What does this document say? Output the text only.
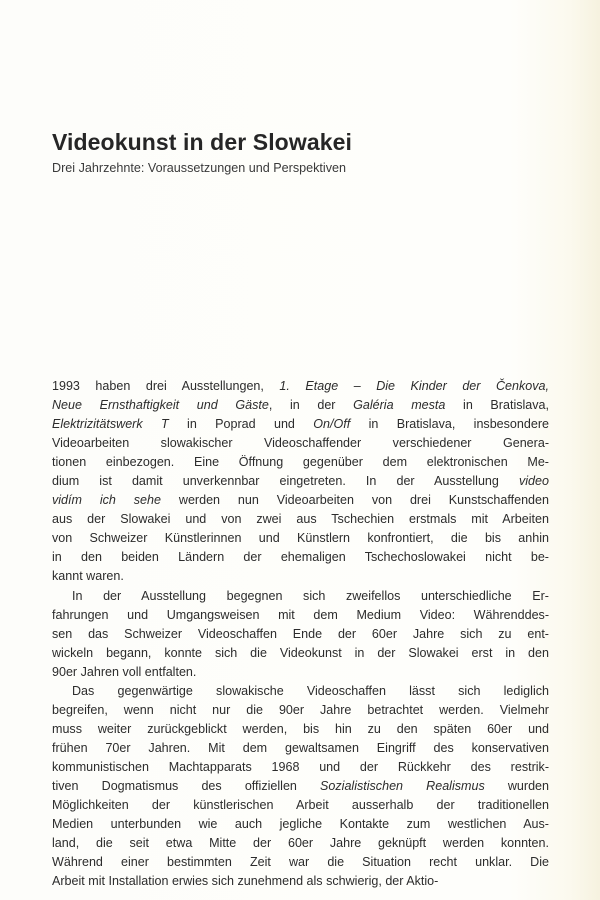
Videokunst in der Slowakei
Drei Jahrzehnte: Voraussetzungen und Perspektiven

1993 haben drei Ausstellungen, 1. Etage – Die Kinder der Čenkova,
Neue Ernsthaftigkeit und Gäste, in der Galéria mesta in Bratislava,
Elektrizitätswerk T in Poprad und On/Off in Bratislava, insbesondere
Videoarbeiten slowakischer Videoschaffender verschiedener Genera-
tionen einbezogen. Eine Öffnung gegenüber dem elektronischen Me-
dium ist damit unverkennbar eingetreten. In der Ausstellung video
vidím ich sehe werden nun Videoarbeiten von drei Kunstschaffenden
aus der Slowakei und von zwei aus Tschechien erstmals mit Arbeiten
von Schweizer Künstlerinnen und Künstlern konfrontiert, die bis anhin
in den beiden Ländern der ehemaligen Tschechoslowakei nicht be-
kannt waren.

In der Ausstellung begegnen sich zweifellos unterschiedliche Er-
fahrungen und Umgangsweisen mit dem Medium Video: Währenddes-
sen das Schweizer Videoschaffen Ende der 60er Jahre sich zu ent-
wickeln begann, konnte sich die Videokunst in der Slowakei erst in den
90er Jahren voll entfalten.

Das gegenwärtige slowakische Videoschaffen lässt sich lediglich
begreifen, wenn nicht nur die 90er Jahre betrachtet werden. Vielmehr
muss weiter zurückgeblickt werden, bis hin zu den späten 60er und
frühen 70er Jahren. Mit dem gewaltsamen Eingriff des konservativen
kommunistischen Machtapparats 1968 und der Rückkehr des restrik-
tiven Dogmatismus des offiziellen Sozialistischen Realismus wurden
Möglichkeiten der künstlerischen Arbeit ausserhalb der traditionellen
Medien unterbunden wie auch jegliche Kontakte zum westlichen Aus-
land, die seit etwa Mitte der 60er Jahre geknüpft werden konnten.
Während einer bestimmten Zeit war die Situation recht unklar. Die
Arbeit mit Installation erwies sich zunehmend als schwierig, der Aktio-
